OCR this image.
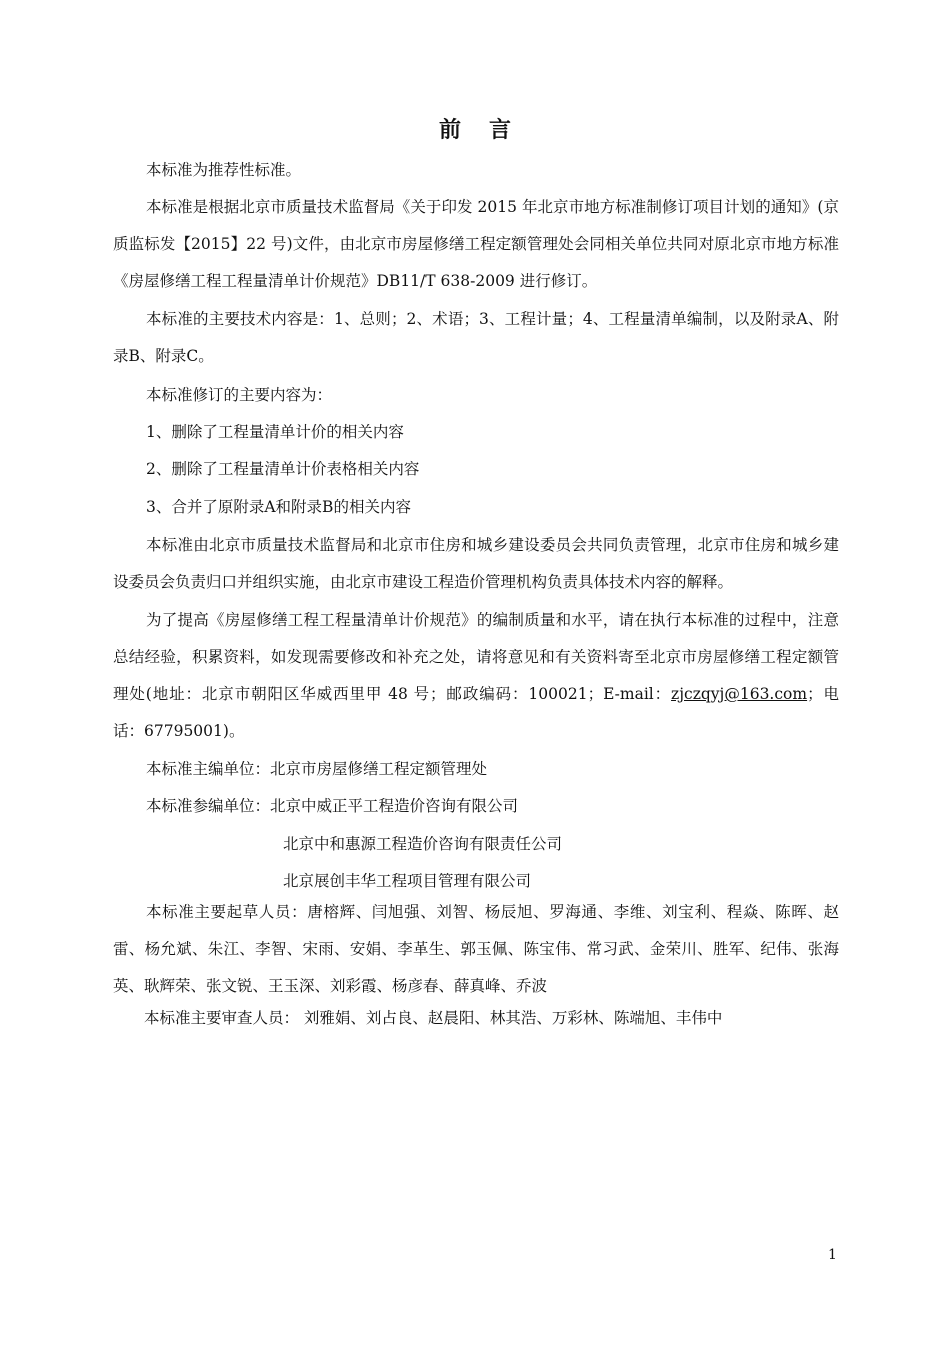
前言

本标准为推荐性标准。

本标准是根据北京市质量技术监督局《关于印发 2015 年北京市地方标准制修订项目计划的通知》(京质监标发【2015】22 号)文件，由北京市房屋修缮工程定额管理处会同相关单位共同对原北京市地方标准《房屋修缮工程工程量清单计价规范》DB11/T 638-2009 进行修订。

本标准的主要技术内容是：1、总则；2、术语；3、工程计量；4、工程量清单编制，以及附录A、附录B、附录C。

本标准修订的主要内容为：

1、删除了工程量清单计价的相关内容
2、删除了工程量清单计价表格相关内容
3、合并了原附录A和附录B的相关内容

本标准由北京市质量技术监督局和北京市住房和城乡建设委员会共同负责管理，北京市住房和城乡建设委员会负责归口并组织实施，由北京市建设工程造价管理机构负责具体技术内容的解释。

为了提高《房屋修缮工程工程量清单计价规范》的编制质量和水平，请在执行本标准的过程中，注意总结经验，积累资料，如发现需要修改和补充之处，请将意见和有关资料寄至北京市房屋修缮工程定额管理处(地址：北京市朝阳区华威西里甲 48 号；邮政编码：100021；E-mail：zjczqyj@163.com；电话：67795001)。

本标准主编单位：北京市房屋修缮工程定额管理处
本标准参编单位：北京中威正平工程造价咨询有限公司
北京中和惠源工程造价咨询有限责任公司
北京展创丰华工程项目管理有限公司

本标准主要起草人员：唐榕辉、闫旭强、刘智、杨辰旭、罗海通、李维、刘宝利、程焱、陈晖、赵雷、杨允斌、朱江、李智、宋雨、安娟、李革生、郭玉佩、陈宝伟、常习武、金荣川、胜军、纪伟、张海英、耿辉荣、张文锐、王玉深、刘彩霞、杨彦春、薛真峰、乔波

本标准主要审查人员： 刘雅娟、刘占良、赵晨阳、林其浩、万彩林、陈端旭、丰伟中
1
